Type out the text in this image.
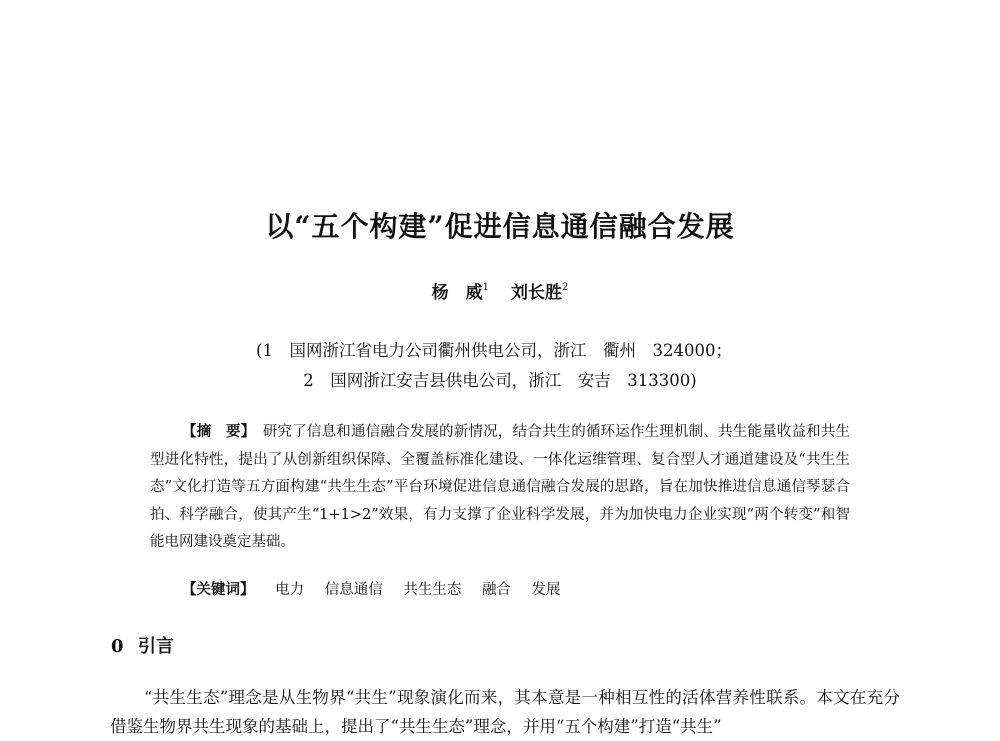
以“五个构建”促进信息通信融合发展
杨　威$^1$ 刘长胜$^2$
(1　国网浙江省电力公司衢州供电公司，浙江　衢州　324000；
2　国网浙江安吉县供电公司，浙江　安吉　313300)
【摘　要】　 研究了信息和通信融合发展的新情况，结合共生的循环运作生理机制、共生能量收益和共生型进化特性，提出了从创新组织保障、全覆盖标准化建设、一体化运维管理、复合型人才通道建设及“共生生态”文化打造等五方面构建“共生生态”平台环境促进信息通信融合发展的思路，旨在加快推进信息通信琴瑟合拍、科学融合，使其产生“1+1>2”效果，有力支撑了企业科学发展，并为加快电力企业实现“两个转变”和智能电网建设奠定基础。
【关键词】 电力 信息通信 共生生态 融合 发展
0 引言
“共生生态”理念是从生物界“共生”现象演化而来，其本意是一种相互性的活体营养性联系。本文在充分借鉴生物界共生现象的基础上，提出了“共生生态”理念，并用“五个构建”打造“共生”
